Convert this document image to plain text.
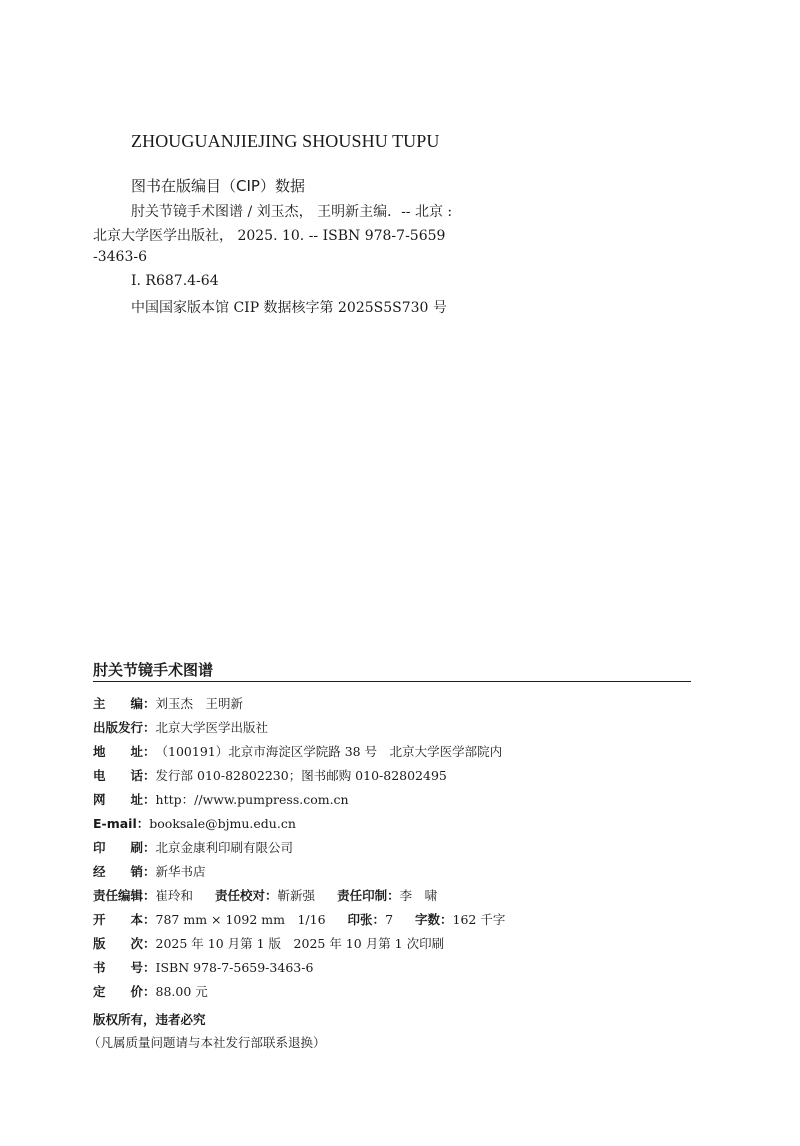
ZHOUGUANJIEJING SHOUSHU TUPU
图书在版编目（CIP）数据
肘关节镜手术图谱 / 刘玉杰， 王明新主编．-- 北京 :
北京大学医学出版社， 2025. 10. -- ISBN 978-7-5659
-3463-6
Ⅰ. R687.4-64
中国国家版本馆 CIP 数据核字第 2025S5S730 号
肘关节镜手术图谱
主　　编： 刘玉杰　王明新
出版发行： 北京大学医学出版社
地　　址： （100191）北京市海淀区学院路 38 号　北京大学医学部院内
电　　话： 发行部 010-82802230；图书邮购 010-82802495
网　　址： http：//www.pumpress.com.cn
E-mail： booksale@bjmu.edu.cn
印　　刷： 北京金康利印刷有限公司
经　　销： 新华书店
责任编辑： 崔玲和 责任校对： 靳新强 责任印制： 李　啸
开　　本： 787 mm × 1092 mm　1/16 印张： 7 字数： 162 千字
版　　次： 2025 年 10 月第 1 版　2025 年 10 月第 1 次印刷
书　　号： ISBN 978-7-5659-3463-6
定　　价： 88.00 元
版权所有，违者必究
（凡属质量问题请与本社发行部联系退换）
